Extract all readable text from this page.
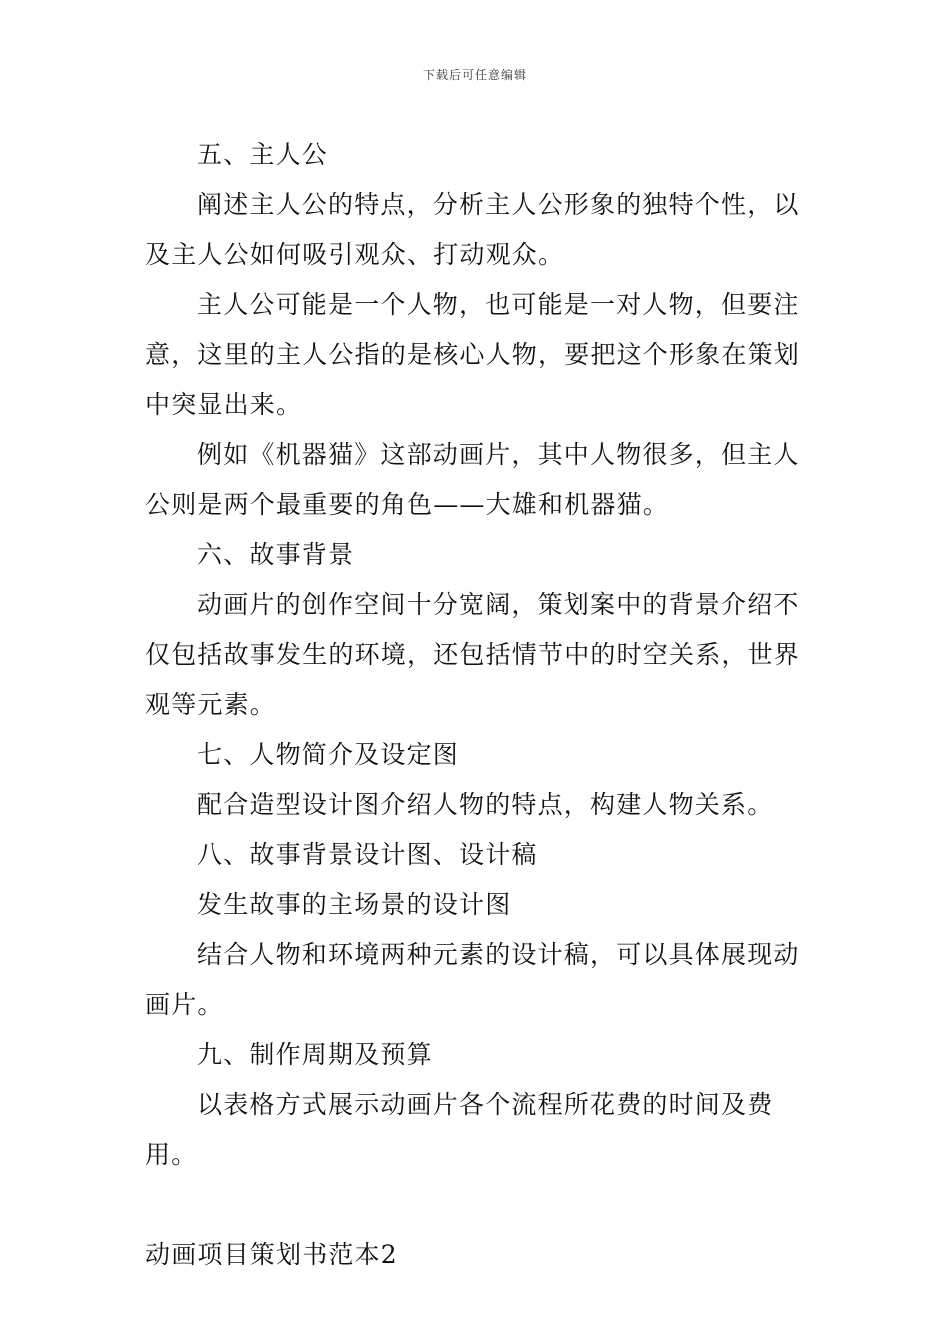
下载后可任意编辑
五、主人公
阐述主人公的特点，分析主人公形象的独特个性，以及主人公如何吸引观众、打动观众。
主人公可能是一个人物，也可能是一对人物，但要注意，这里的主人公指的是核心人物，要把这个形象在策划中突显出来。
例如《机器猫》这部动画片，其中人物很多，但主人公则是两个最重要的角色——大雄和机器猫。
六、故事背景
动画片的创作空间十分宽阔，策划案中的背景介绍不仅包括故事发生的环境，还包括情节中的时空关系，世界观等元素。
七、人物简介及设定图
配合造型设计图介绍人物的特点，构建人物关系。
八、故事背景设计图、设计稿
发生故事的主场景的设计图
结合人物和环境两种元素的设计稿，可以具体展现动画片。
九、制作周期及预算
以表格方式展示动画片各个流程所花费的时间及费用。
动画项目策划书范本2
